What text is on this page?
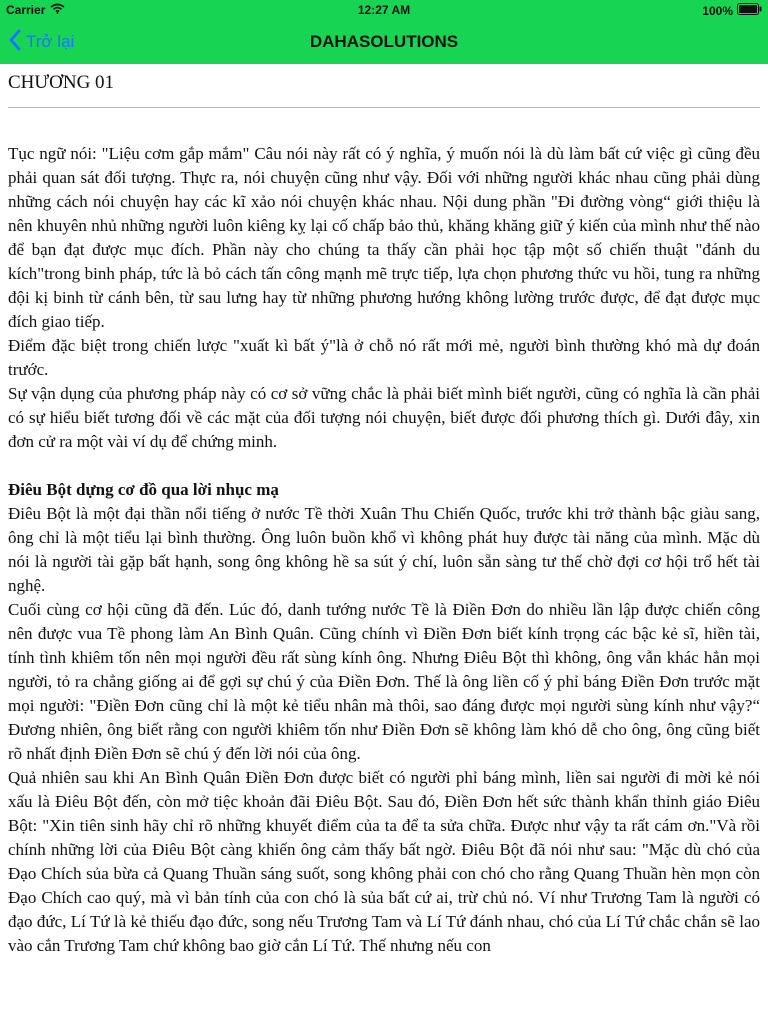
Carrier	12:27 AM	100%
Trở lại	DAHASOLUTIONS
CHƯƠNG 01

Tục ngữ nói: "Liệu cơm gắp mắm" Câu nói này rất có ý nghĩa, ý muốn nói là dù làm bất cứ việc gì cũng đều phải quan sát đối tượng. Thực ra, nói chuyện cũng như vậy. Đối với những người khác nhau cũng phải dùng những cách nói chuyện hay các kĩ xảo nói chuyện khác nhau. Nội dung phần "Đi đường vòng“ giới thiệu là nên khuyên nhủ những người luôn kiêng kỵ lại cố chấp bảo thủ, khăng khăng giữ ý kiến của mình như thế nào để bạn đạt được mục đích. Phần này cho chúng ta thấy cần phải học tập một số chiến thuật "đánh du kích"trong binh pháp, tức là bỏ cách tấn công mạnh mẽ trực tiếp, lựa chọn phương thức vu hồi, tung ra những đội kị binh từ cánh bên, từ sau lưng hay từ những phương hướng không lường trước được, để đạt được mục đích giao tiếp.

Điểm đặc biệt trong chiến lược "xuất kì bất ý"là ở chỗ nó rất mới mẻ, người bình thường khó mà dự đoán trước.

Sự vận dụng của phương pháp này có cơ sở vững chắc là phải biết mình biết người, cũng có nghĩa là cần phải có sự hiểu biết tương đối về các mặt của đối tượng nói chuyện, biết được đối phương thích gì. Dưới đây, xin đơn cử ra một vài ví dụ để chứng minh.

Điêu Bột dựng cơ đồ qua lời nhục mạ

Điêu Bột là một đại thần nổi tiếng ở nước Tề thời Xuân Thu Chiến Quốc, trước khi trở thành bậc giàu sang, ông chỉ là một tiểu lại bình thường. Ông luôn buồn khổ vì không phát huy được tài năng của mình. Mặc dù nói là người tài gặp bất hạnh, song ông không hề sa sút ý chí, luôn sẵn sàng tư thế chờ đợi cơ hội trổ hết tài nghệ.

Cuối cùng cơ hội cũng đã đến. Lúc đó, danh tướng nước Tề là Điền Đơn do nhiều lần lập được chiến công nên được vua Tề phong làm An Bình Quân. Cũng chính vì Điền Đơn biết kính trọng các bậc kẻ sĩ, hiền tài, tính tình khiêm tốn nên mọi người đều rất sùng kính ông. Nhưng Điêu Bột thì không, ông vẫn khác hẳn mọi người, tỏ ra chẳng giống ai để gợi sự chú ý của Điền Đơn. Thế là ông liền cố ý phỉ báng Điền Đơn trước mặt mọi người: "Điền Đơn cũng chỉ là một kẻ tiểu nhân mà thôi, sao đáng được mọi người sùng kính như vậy?“ Đương nhiên, ông biết rằng con người khiêm tốn như Điền Đơn sẽ không làm khó dễ cho ông, ông cũng biết rõ nhất định Điền Đơn sẽ chú ý đến lời nói của ông.

Quả nhiên sau khi An Bình Quân Điền Đơn được biết có người phỉ báng mình, liền sai người đi mời kẻ nói xấu là Điêu Bột đến, còn mở tiệc khoản đãi Điêu Bột. Sau đó, Điền Đơn hết sức thành khẩn thỉnh giáo Điêu Bột: "Xin tiên sinh hãy chỉ rõ những khuyết điểm của ta để ta sửa chữa. Được như vậy ta rất cám ơn."Và rồi chính những lời của Điêu Bột càng khiến ông cảm thấy bất ngờ. Điêu Bột đã nói như sau: "Mặc dù chó của Đạo Chích sủa bừa cả Quang Thuần sáng suốt, song không phải con chó cho rằng Quang Thuần hèn mọn còn Đạo Chích cao quý, mà vì bản tính của con chó là sủa bất cứ ai, trừ chủ nó. Ví như Trương Tam là người có đạo đức, Lí Tứ là kẻ thiếu đạo đức, song nếu Trương Tam và Lí Tứ đánh nhau, chó của Lí Tứ chắc chắn sẽ lao vào cắn Trương Tam chứ không bao giờ cắn Lí Tứ. Thế nhưng nếu con
